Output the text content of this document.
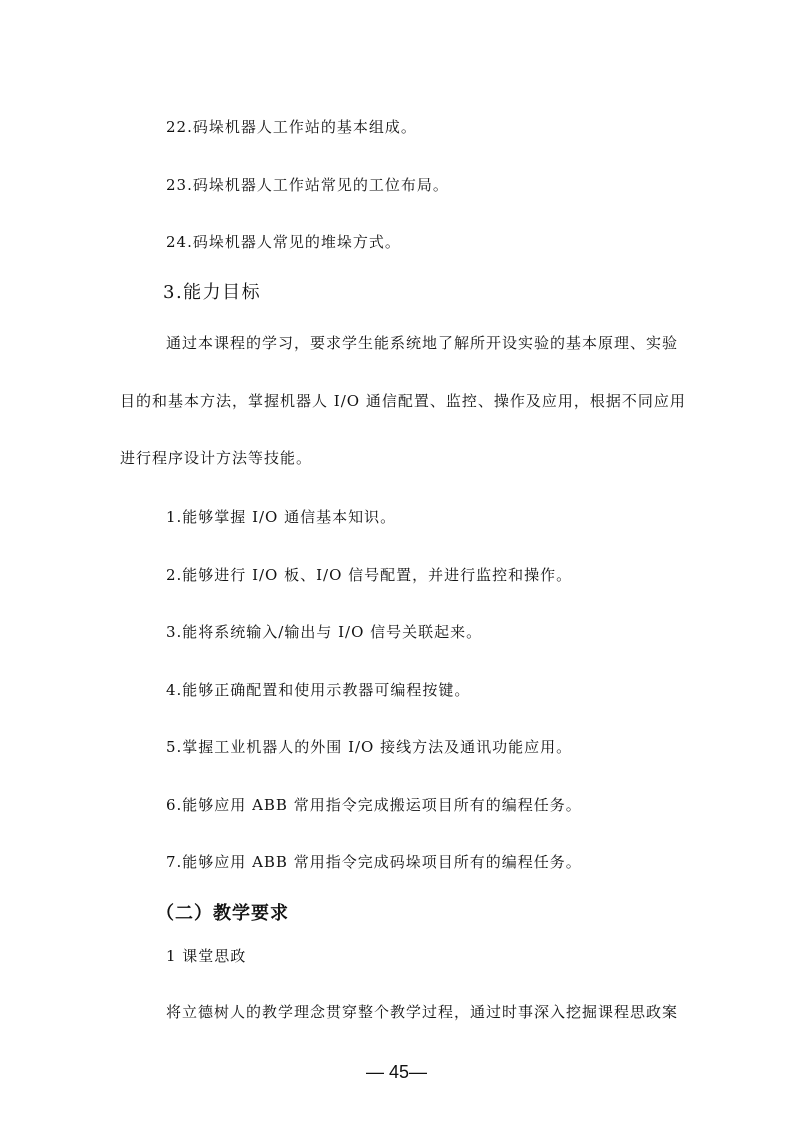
22.码垛机器人工作站的基本组成。
23.码垛机器人工作站常见的工位布局。
24.码垛机器人常见的堆垛方式。
3.能力目标
通过本课程的学习，要求学生能系统地了解所开设实验的基本原理、实验
目的和基本方法，掌握机器人 I/O 通信配置、监控、操作及应用，根据不同应用
进行程序设计方法等技能。
1.能够掌握 I/O 通信基本知识。
2.能够进行 I/O 板、I/O 信号配置，并进行监控和操作。
3.能将系统输入/输出与 I/O 信号关联起来。
4.能够正确配置和使用示教器可编程按键。
5.掌握工业机器人的外围 I/O 接线方法及通讯功能应用。
6.能够应用 ABB 常用指令完成搬运项目所有的编程任务。
7.能够应用 ABB 常用指令完成码垛项目所有的编程任务。
（二）教学要求
1 课堂思政
将立德树人的教学理念贯穿整个教学过程，通过时事深入挖掘课程思政案
— 45—
